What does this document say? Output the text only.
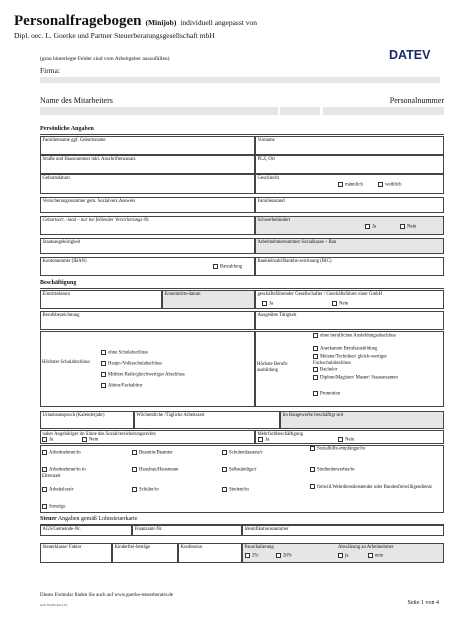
Personalfragebogen (Minijob) individuell angepasst von
Dipl. oec. L. Goerke und Partner Steuerberatungsgesellschaft mbH
DATEV
(grau hinterlegte Felder sind vom Arbeitgeber auszufüllen)
Firma:
Name des Mitarbeiters	Personalnummer
Persönliche Angaben
Familienname ggf. Geburtsname	Vorname
Straße und Hausnummer inkl. Anschriftenzusatz	PLZ, Ort
Geburtsdatum	Geschlecht
männlich	weiblich
Versicherungsnummer gem. Sozialvers.Ausweis	Familienstand
Geburtsort, -land – nur bei fehlender Versicherungs-Nr.	Schwerbehindert
Ja	Nein
Staatsangehörigkeit	Arbeitnehmernummer Sozialkasse – Bau
Kontonummer (IBAN)
Barzahlung
Bankleitzahl/Bankbe-zeichnung (BIC)
Beschäftigung
Eintrittsdatum	Ersteintritts-datum	geschäftsführender Gesellschafter / Geschäftsführer einer GmbH
Ja	Nein
Berufsbezeichnung	Ausgeübte Tätigkeit
Höchster Schulabschluss
ohne Schulabschluss
Haupt-/Volksschulabschluss
Mittlere Reife/gleichwertiger Abschluss
Abitur/Fachabitur
Höchste Berufs-ausbildung
ohne beruflichen Ausbildungsabschluss
Anerkannte Berufsausbildung
Meister/Techniker/ gleich-wertiger Fachschulabschluss
Bachelor
Diplom/Magister/ Master/ Staatsexamen
Promotion
Urlaubsanspruch (Kalenderjahr)	Wöchentliche /Tägliche Arbeitszeit	Im Baugewerbe beschäftigt seit
naher Angehöriger im Sinne des Sozialversicherungsrechts
Ja	Nein
Mehrfachbeschäftigung
Ja	Nein
Arbeitnehmer/in	Beamtin/Beamter	Schulentlassene/r
Sozialhilfe-empfänger/in
Arbeitnehmer/in in Elternzeit
Hausfrau/Hausmann	Selbständige/r	Studienbewerber/in
Arbeitslose/r	Schüler/in	Student/in
freiwill.Wehrdienstleistender oder Bundesfreiwilligendienst
Sonstige
Steuer Angaben gemäß Lohnsteuerkarte
AGS/Gemeinde-Nr.	Finanzamt-Nr.	Identifikationsnummer
Steuerklasse/ Faktor	Kinderfrei-beträge	Konfession	Pauschalierung	Abwälzung an Arbeitnehmer
2%	20%	ja	nein
Dieses Formular finden Sie auch auf www.goerke-steuerberater.de
GoP 02.RS.2011.01	Seite 1 von 4
